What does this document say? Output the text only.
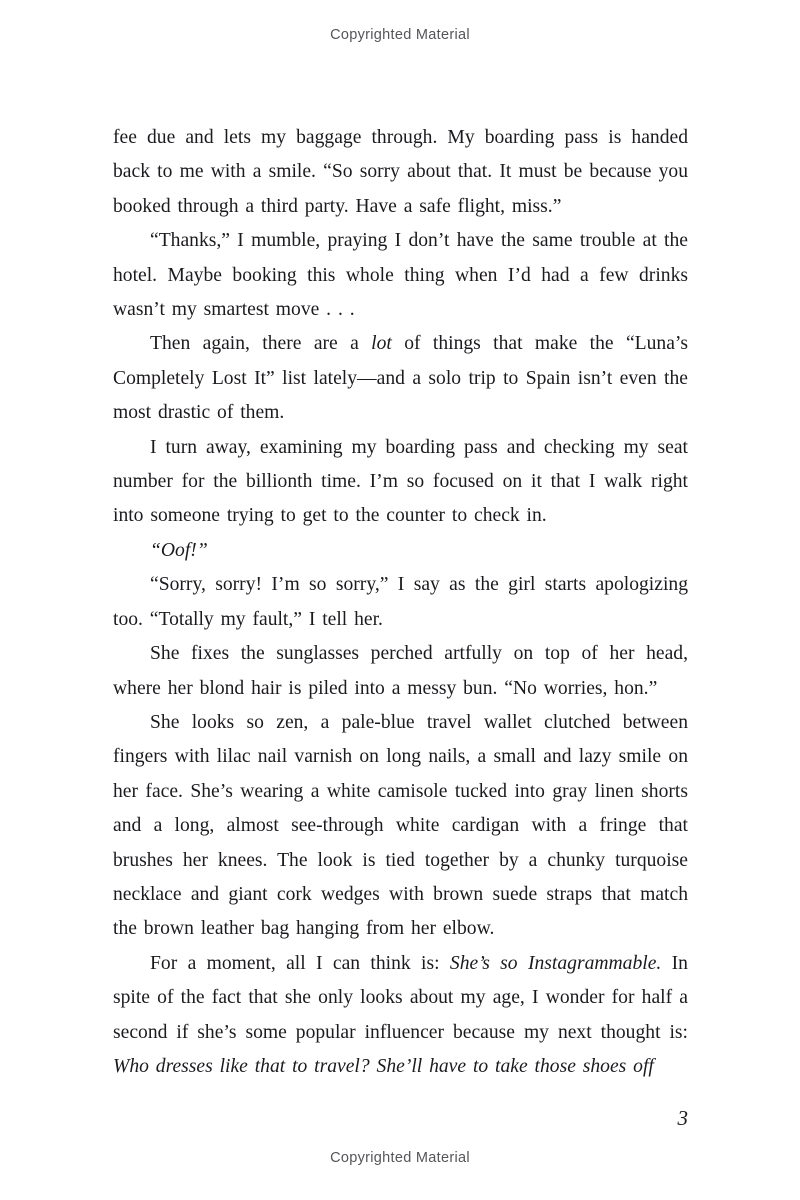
Copyrighted Material

fee due and lets my baggage through. My boarding pass is handed back to me with a smile. “So sorry about that. It must be because you booked through a third party. Have a safe flight, miss.”

“Thanks,” I mumble, praying I don’t have the same trouble at the hotel. Maybe booking this whole thing when I’d had a few drinks wasn’t my smartest move . . .

Then again, there are a lot of things that make the “Luna’s Completely Lost It” list lately—and a solo trip to Spain isn’t even the most drastic of them.

I turn away, examining my boarding pass and checking my seat number for the billionth time. I’m so focused on it that I walk right into someone trying to get to the counter to check in.

“Oof!”

“Sorry, sorry! I’m so sorry,” I say as the girl starts apologizing too. “Totally my fault,” I tell her.

She fixes the sunglasses perched artfully on top of her head, where her blond hair is piled into a messy bun. “No worries, hon.”

She looks so zen, a pale-blue travel wallet clutched between fingers with lilac nail varnish on long nails, a small and lazy smile on her face. She’s wearing a white camisole tucked into gray linen shorts and a long, almost see-through white cardigan with a fringe that brushes her knees. The look is tied together by a chunky turquoise necklace and giant cork wedges with brown suede straps that match the brown leather bag hanging from her elbow.

For a moment, all I can think is: She’s so Instagrammable. In spite of the fact that she only looks about my age, I wonder for half a second if she’s some popular influencer because my next thought is: Who dresses like that to travel? She’ll have to take those shoes off

3
Copyrighted Material
